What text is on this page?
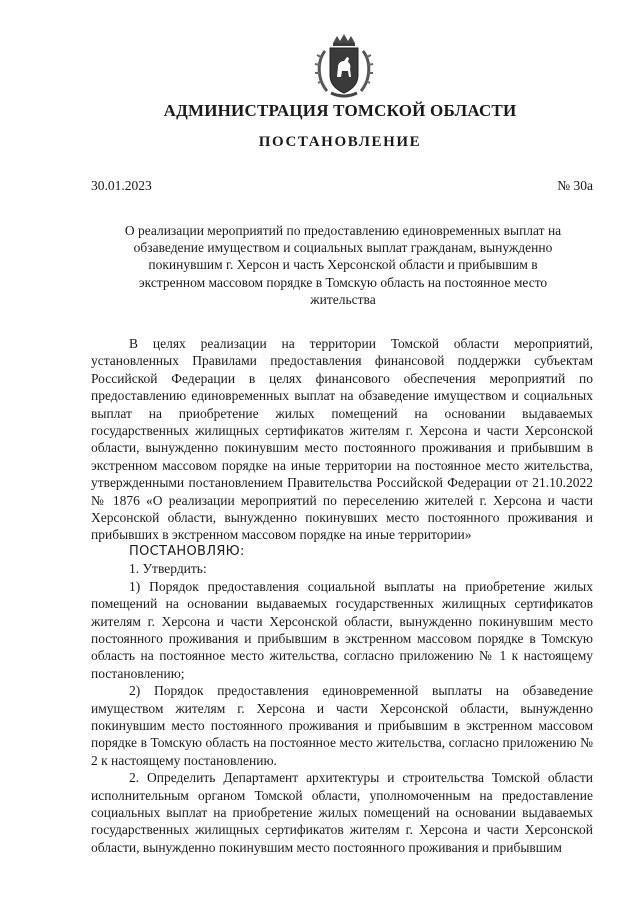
АДМИНИСТРАЦИЯ ТОМСКОЙ ОБЛАСТИ
ПОСТАНОВЛЕНИЕ
30.01.2023	№ 30а

О реализации мероприятий по предоставлению единовременных выплат на обзаведение имуществом и социальных выплат гражданам, вынужденно покинувшим г. Херсон и часть Херсонской области и прибывшим в экстренном массовом порядке в Томскую область на постоянное место жительства

В целях реализации на территории Томской области мероприятий, установленных Правилами предоставления финансовой поддержки субъектам Российской Федерации в целях финансового обеспечения мероприятий по предоставлению единовременных выплат на обзаведение имуществом и социальных выплат на приобретение жилых помещений на основании выдаваемых государственных жилищных сертификатов жителям г. Херсона и части Херсонской области, вынужденно покинувшим место постоянного проживания и прибывшим в экстренном массовом порядке на иные территории на постоянное место жительства, утвержденными постановлением Правительства Российской Федерации от 21.10.2022 № 1876 «О реализации мероприятий по переселению жителей г. Херсона и части Херсонской области, вынужденно покинувших место постоянного проживания и прибывших в экстренном массовом порядке на иные территории»

ПОСТАНОВЛЯЮ:

1. Утвердить:

1) Порядок предоставления социальной выплаты на приобретение жилых помещений на основании выдаваемых государственных жилищных сертификатов жителям г. Херсона и части Херсонской области, вынужденно покинувшим место постоянного проживания и прибывшим в экстренном массовом порядке в Томскую область на постоянное место жительства, согласно приложению № 1 к настоящему постановлению;

2) Порядок предоставления единовременной выплаты на обзаведение имуществом жителям г. Херсона и части Херсонской области, вынужденно покинувшим место постоянного проживания и прибывшим в экстренном массовом порядке в Томскую область на постоянное место жительства, согласно приложению № 2 к настоящему постановлению.

2. Определить Департамент архитектуры и строительства Томской области исполнительным органом Томской области, уполномоченным на предоставление социальных выплат на приобретение жилых помещений на основании выдаваемых государственных жилищных сертификатов жителям г. Херсона и части Херсонской области, вынужденно покинувшим место постоянного проживания и прибывшим
